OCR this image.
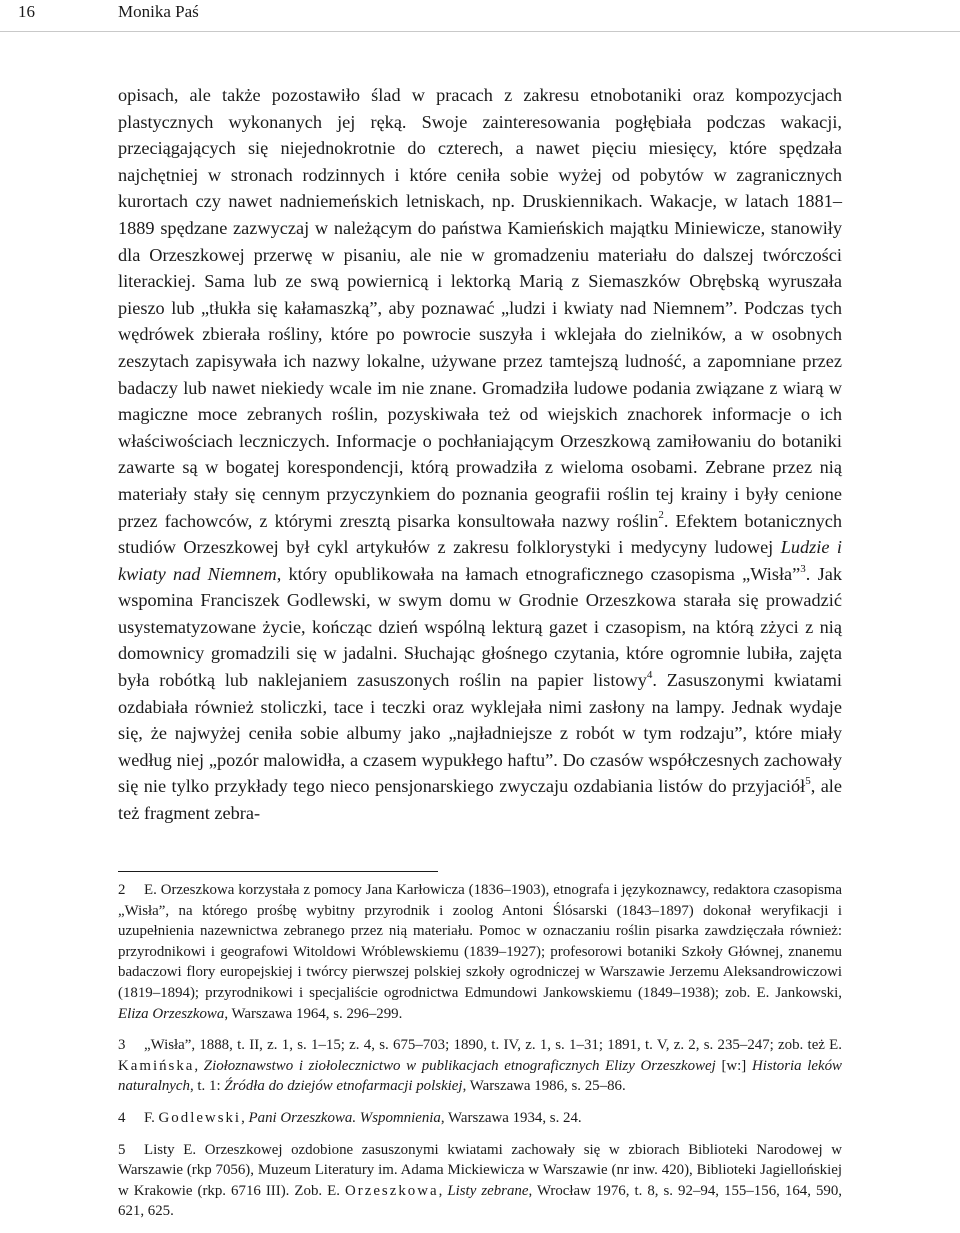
16	Monika Paś

opisach, ale także pozostawiło ślad w pracach z zakresu etnobotaniki oraz kompozycjach plastycznych wykonanych jej ręką. Swoje zainteresowania pogłębiała podczas wakacji, przeciągających się niejednokrotnie do czterech, a nawet pięciu miesięcy, które spędzała najchętniej w stronach rodzinnych i które ceniła sobie wyżej od pobytów w zagranicznych kurortach czy nawet nadniemeńskich letniskach, np. Druskiennikach. Wakacje, w latach 1881–1889 spędzane zazwyczaj w należącym do państwa Kamieńskich majątku Miniewicze, stanowiły dla Orzeszkowej przerwę w pisaniu, ale nie w gromadzeniu materiału do dalszej twórczości literackiej. Sama lub ze swą powiernicą i lektorką Marią z Siemaszków Obrębską wyruszała pieszo lub „tłukła się kałamaszką”, aby poznawać „ludzi i kwiaty nad Niemnem”. Podczas tych wędrówek zbierała rośliny, które po powrocie suszyła i wklejała do zielników, a w osobnych zeszytach zapisywała ich nazwy lokalne, używane przez tamtejszą ludność, a zapomniane przez badaczy lub nawet niekiedy wcale im nie znane. Gromadziła ludowe podania związane z wiarą w magiczne moce zebranych roślin, pozyskiwała też od wiejskich znachorek informacje o ich właściwościach leczniczych. Informacje o pochłaniającym Orzeszkową zamiłowaniu do botaniki zawarte są w bogatej korespondencji, którą prowadziła z wieloma osobami. Zebrane przez nią materiały stały się cennym przyczynkiem do poznania geografii roślin tej krainy i były cenione przez fachowców, z którymi zresztą pisarka konsultowała nazwy roślin$^2$. Efektem botanicznych studiów Orzeszkowej był cykl artykułów z zakresu folklorystyki i medycyny ludowej Ludzie i kwiaty nad Niemnem, który opublikowała na łamach etnograficznego czasopisma „Wisła”$^3$. Jak wspomina Franciszek Godlewski, w swym domu w Grodnie Orzeszkowa starała się prowadzić usystematyzowane życie, kończąc dzień wspólną lekturą gazet i czasopism, na którą zżyci z nią domownicy gromadzili się w jadalni. Słuchając głośnego czytania, które ogromnie lubiła, zajęta była robótką lub naklejaniem zasuszonych roślin na papier listowy$^4$. Zasuszonymi kwiatami ozdabiała również stoliczki, tace i teczki oraz wyklejała nimi zasłony na lampy. Jednak wydaje się, że najwyżej ceniła sobie albumy jako „najładniejsze z robót w tym rodzaju”, które miały według niej „pozór malowidła, a czasem wypukłego haftu”. Do czasów współczesnych zachowały się nie tylko przykłady tego nieco pensjonarskiego zwyczaju ozdabiania listów do przyjaciół$^5$, ale też fragment zebra-

2 E. Orzeszkowa korzystała z pomocy Jana Karłowicza (1836–1903), etnografa i językoznawcy, redaktora czasopisma „Wisła”, na którego prośbę wybitny przyrodnik i zoolog Antoni Ślósarski (1843–1897) dokonał weryfikacji i uzupełnienia nazewnictwa zebranego przez nią materiału. Pomoc w oznaczaniu roślin pisarka zawdzięczała również: przyrodnikowi i geografowi Witoldowi Wróblewskiemu (1839–1927); profesorowi botaniki Szkoły Głównej, znanemu badaczowi flory europejskiej i twórcy pierwszej polskiej szkoły ogrodniczej w Warszawie Jerzemu Aleksandrowiczowi (1819–1894); przyrodnikowi i specjaliście ogrodnictwa Edmundowi Jankowskiemu (1849–1938); zob. E. Jankowski, Eliza Orzeszkowa, Warszawa 1964, s. 296–299.

3 „Wisła”, 1888, t. II, z. 1, s. 1–15; z. 4, s. 675–703; 1890, t. IV, z. 1, s. 1–31; 1891, t. V, z. 2, s. 235–247; zob. też E. Kamińska, Ziołoznawstwo i ziołolecznictwo w publikacjach etnograficznych Elizy Orzeszkowej [w:] Historia leków naturalnych, t. 1: Źródła do dziejów etnofarmacji polskiej, Warszawa 1986, s. 25–86.

4 F. Godlewski, Pani Orzeszkowa. Wspomnienia, Warszawa 1934, s. 24.

5 Listy E. Orzeszkowej ozdobione zasuszonymi kwiatami zachowały się w zbiorach Biblioteki Narodowej w Warszawie (rkp 7056), Muzeum Literatury im. Adama Mickiewicza w Warszawie (nr inw. 420), Biblioteki Jagiellońskiej w Krakowie (rkp. 6716 III). Zob. E. Orzeszkowa, Listy zebrane, Wrocław 1976, t. 8, s. 92–94, 155–156, 164, 590, 621, 625.
